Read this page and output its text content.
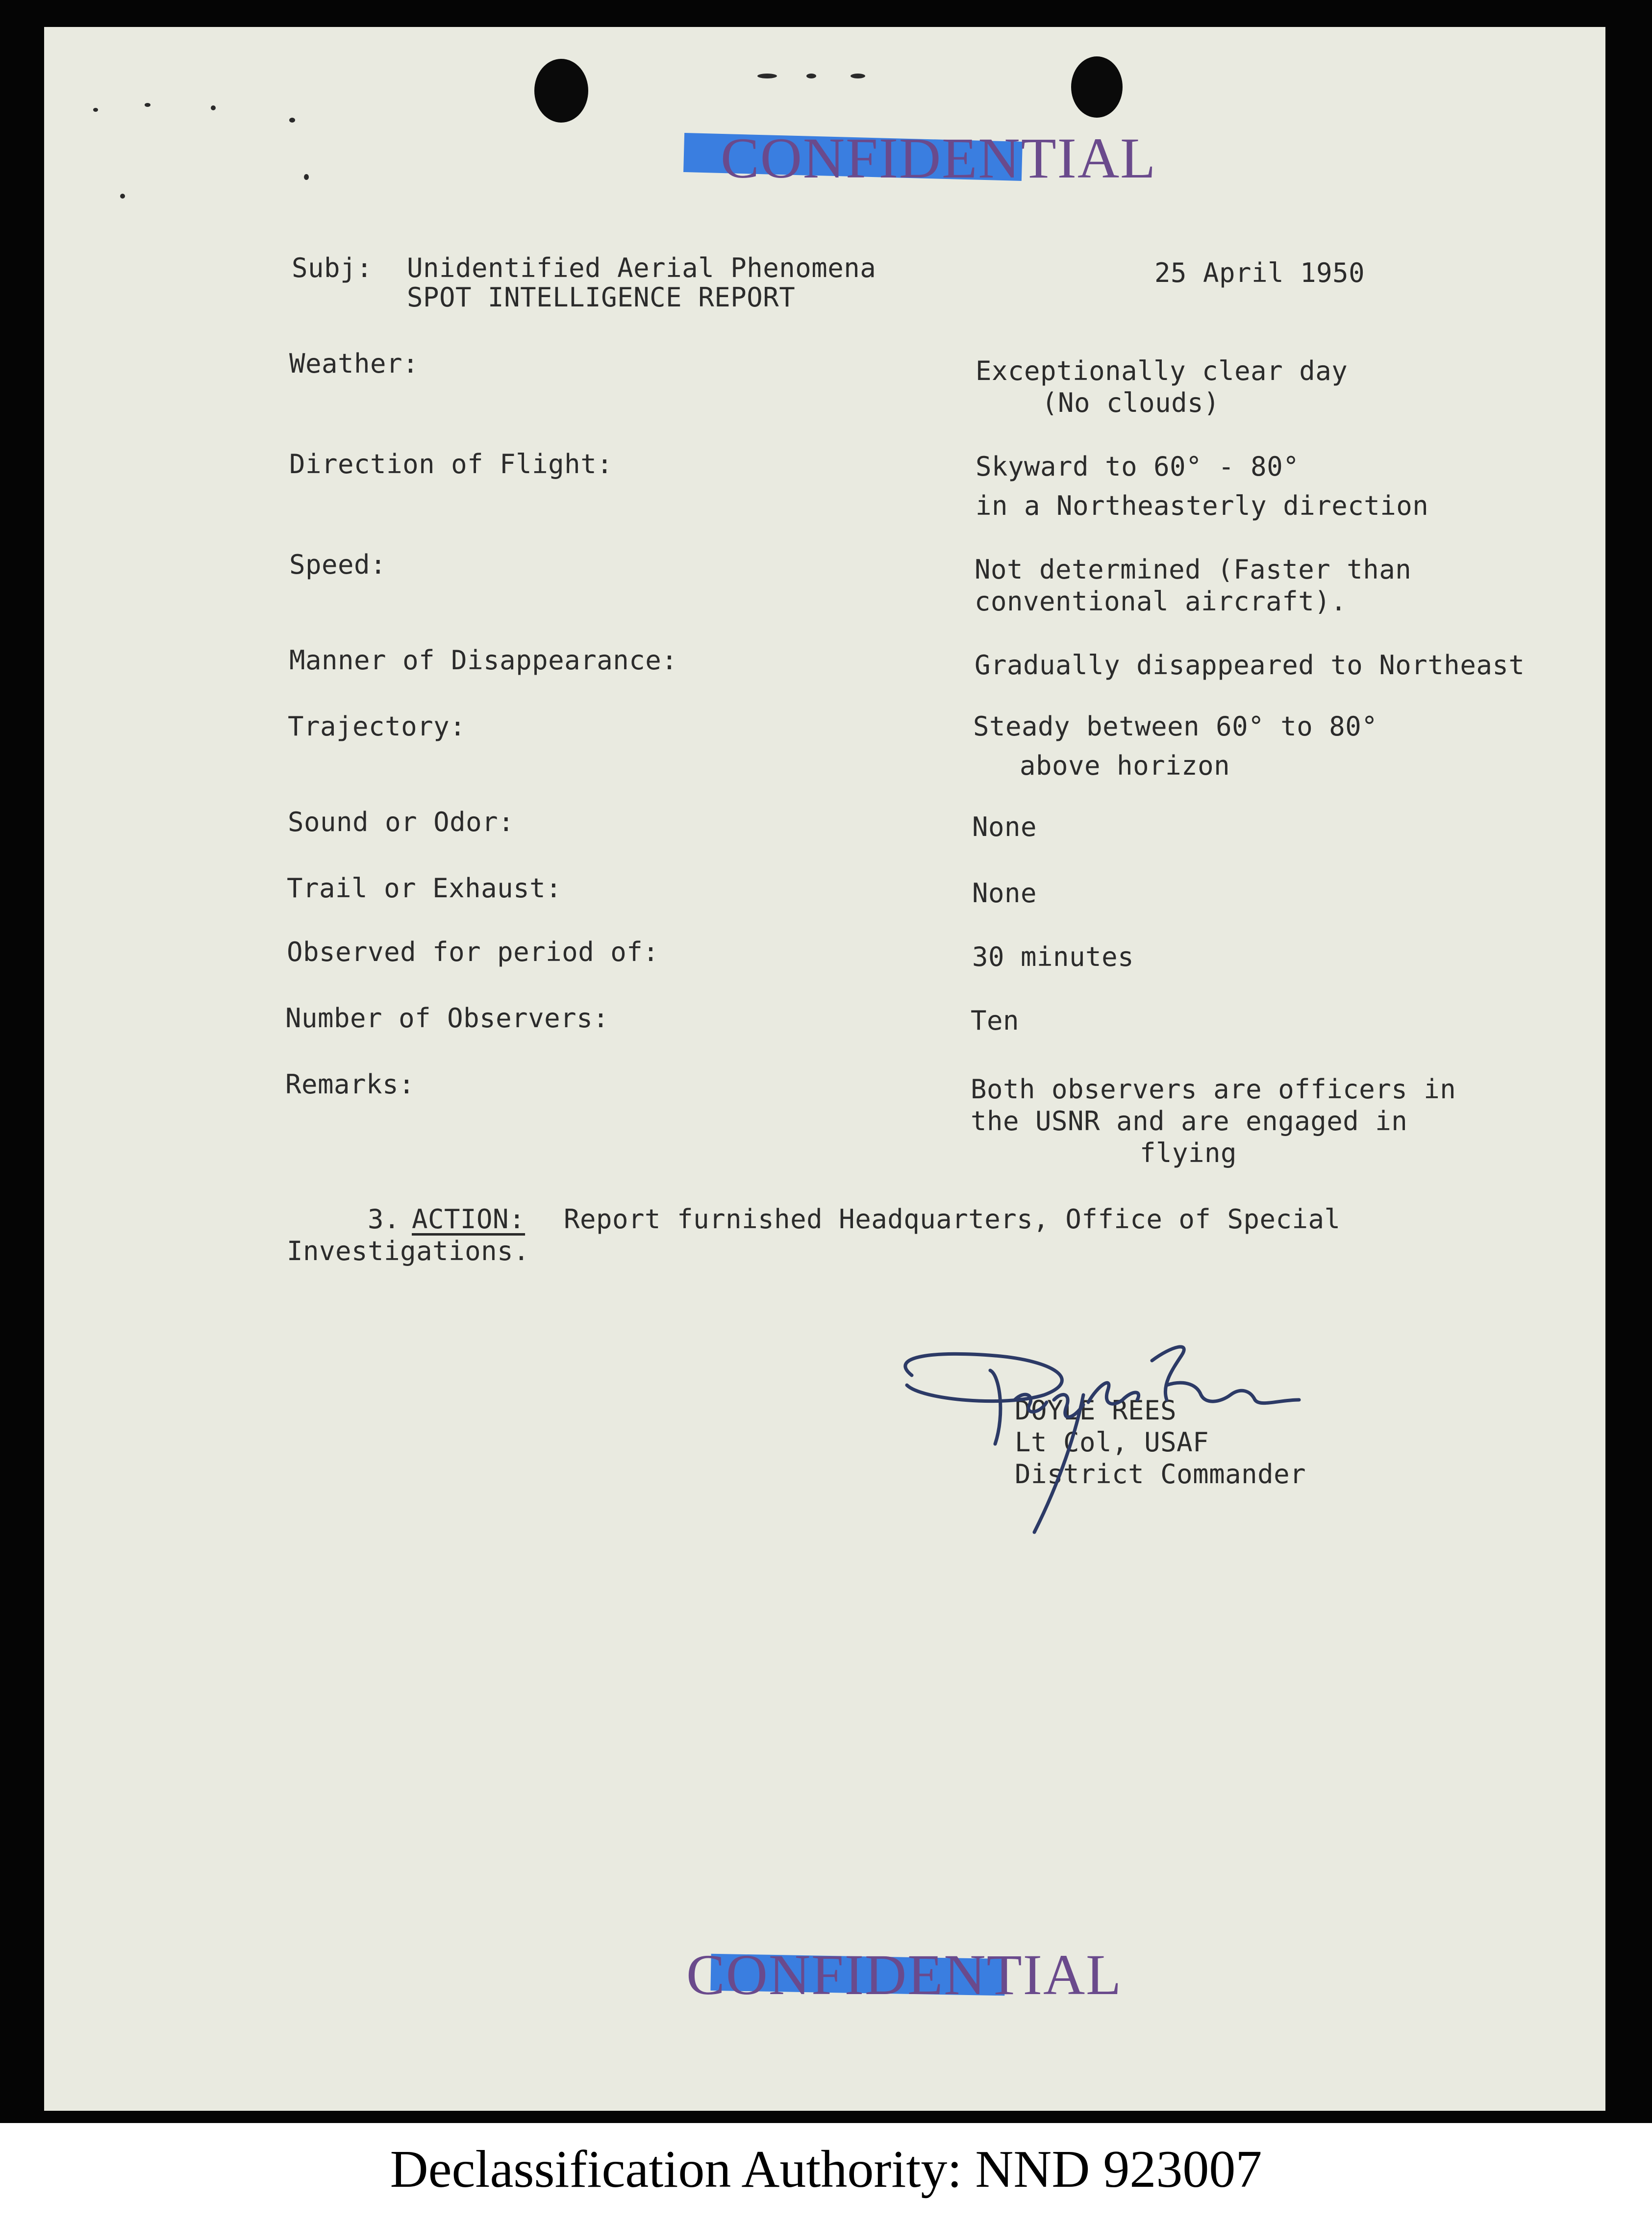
CONFIDENTIAL
Subj: Unidentified Aerial Phenomena
SPOT INTELLIGENCE REPORT
25 April 1950
Weather:
Direction of Flight:
Speed:
Manner of Disappearance:
Trajectory:
Sound or Odor:
Trail or Exhaust:
Observed for period of:
Number of Observers:
Remarks:
Exceptionally clear day
(No clouds)
Skyward to 60° - 80°
in a Northeasterly direction
Not determined (Faster than
conventional aircraft).
Gradually disappeared to Northeast
Steady between 60° to 80°
above horizon
None
None
30 minutes
Ten
Both observers are officers in
the USNR and are engaged in
flying
3. ACTION: Report furnished Headquarters, Office of Special
Investigations.
DOYLE REES
Lt Col, USAF
District Commander
CONFIDENTIAL
Declassification Authority: NND 923007
